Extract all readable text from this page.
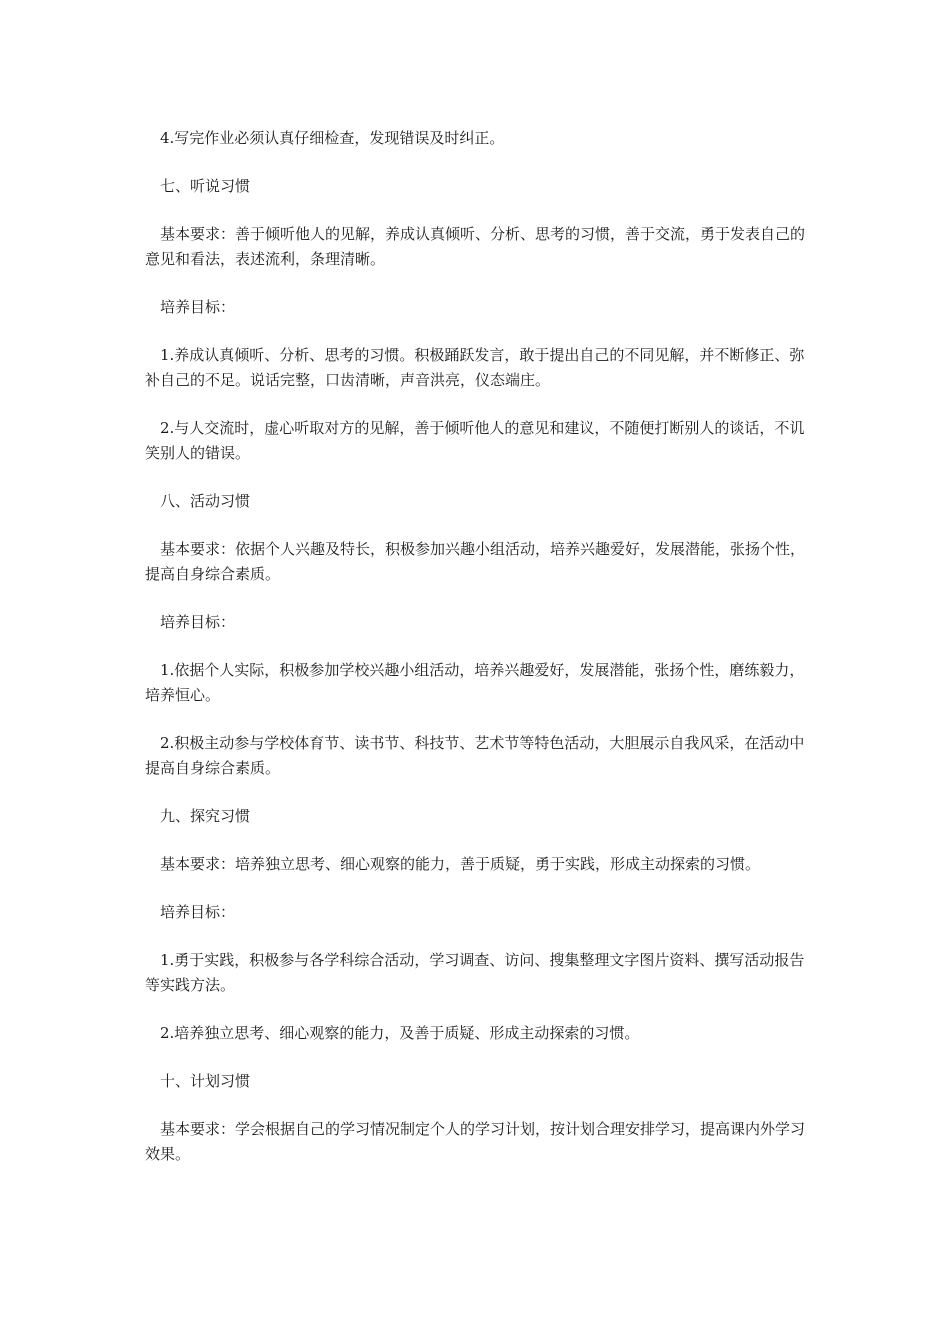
4.写完作业必须认真仔细检查，发现错误及时纠正。

七、听说习惯

基本要求：善于倾听他人的见解，养成认真倾听、分析、思考的习惯，善于交流，勇于发表自己的意见和看法，表述流利，条理清晰。

培养目标：

1.养成认真倾听、分析、思考的习惯。积极踊跃发言，敢于提出自己的不同见解，并不断修正、弥补自己的不足。说话完整，口齿清晰，声音洪亮，仪态端庄。

2.与人交流时，虚心听取对方的见解，善于倾听他人的意见和建议，不随便打断别人的谈话，不讥笑别人的错误。

八、活动习惯

基本要求：依据个人兴趣及特长，积极参加兴趣小组活动，培养兴趣爱好，发展潜能，张扬个性，提高自身综合素质。

培养目标：

1.依据个人实际，积极参加学校兴趣小组活动，培养兴趣爱好，发展潜能，张扬个性，磨练毅力，培养恒心。

2.积极主动参与学校体育节、读书节、科技节、艺术节等特色活动，大胆展示自我风采，在活动中提高自身综合素质。

九、探究习惯

基本要求：培养独立思考、细心观察的能力，善于质疑，勇于实践，形成主动探索的习惯。

培养目标：

1.勇于实践，积极参与各学科综合活动，学习调查、访问、搜集整理文字图片资料、撰写活动报告等实践方法。

2.培养独立思考、细心观察的能力，及善于质疑、形成主动探索的习惯。

十、计划习惯

基本要求：学会根据自己的学习情况制定个人的学习计划，按计划合理安排学习，提高课内外学习效果。
